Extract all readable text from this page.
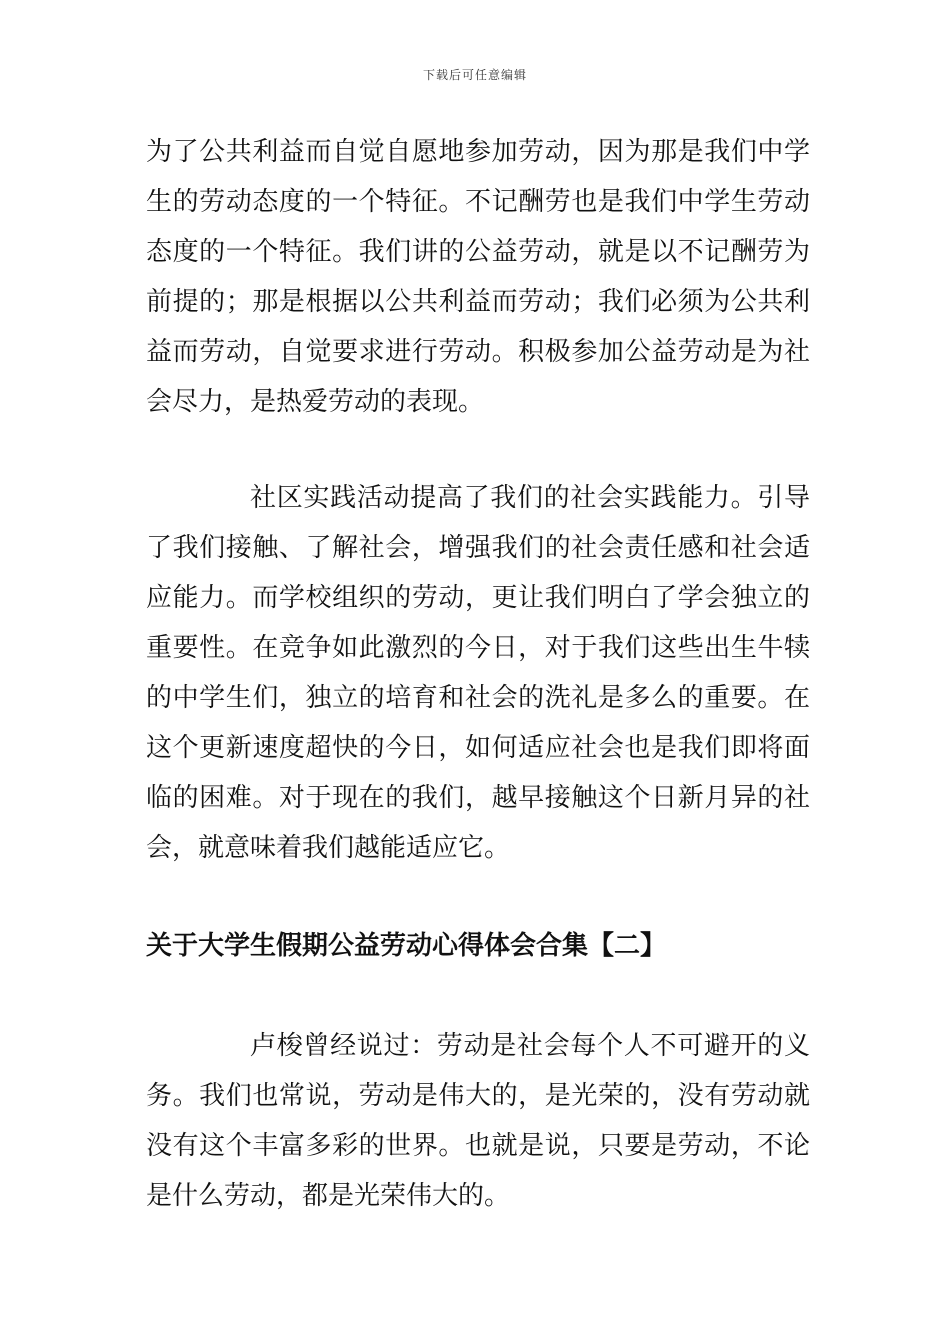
下载后可任意编辑

为了公共利益而自觉自愿地参加劳动，因为那是我们中学生的劳动态度的一个特征。不记酬劳也是我们中学生劳动态度的一个特征。我们讲的公益劳动，就是以不记酬劳为前提的；那是根据以公共利益而劳动；我们必须为公共利益而劳动，自觉要求进行劳动。积极参加公益劳动是为社会尽力，是热爱劳动的表现。

社区实践活动提高了我们的社会实践能力。引导了我们接触、了解社会，增强我们的社会责任感和社会适应能力。而学校组织的劳动，更让我们明白了学会独立的重要性。在竞争如此激烈的今日，对于我们这些出生牛犊的中学生们，独立的培育和社会的洗礼是多么的重要。在这个更新速度超快的今日，如何适应社会也是我们即将面临的困难。对于现在的我们，越早接触这个日新月异的社会，就意味着我们越能适应它。

关于大学生假期公益劳动心得体会合集【二】

卢梭曾经说过：劳动是社会每个人不可避开的义务。我们也常说，劳动是伟大的，是光荣的，没有劳动就没有这个丰富多彩的世界。也就是说，只要是劳动，不论是什么劳动，都是光荣伟大的。
